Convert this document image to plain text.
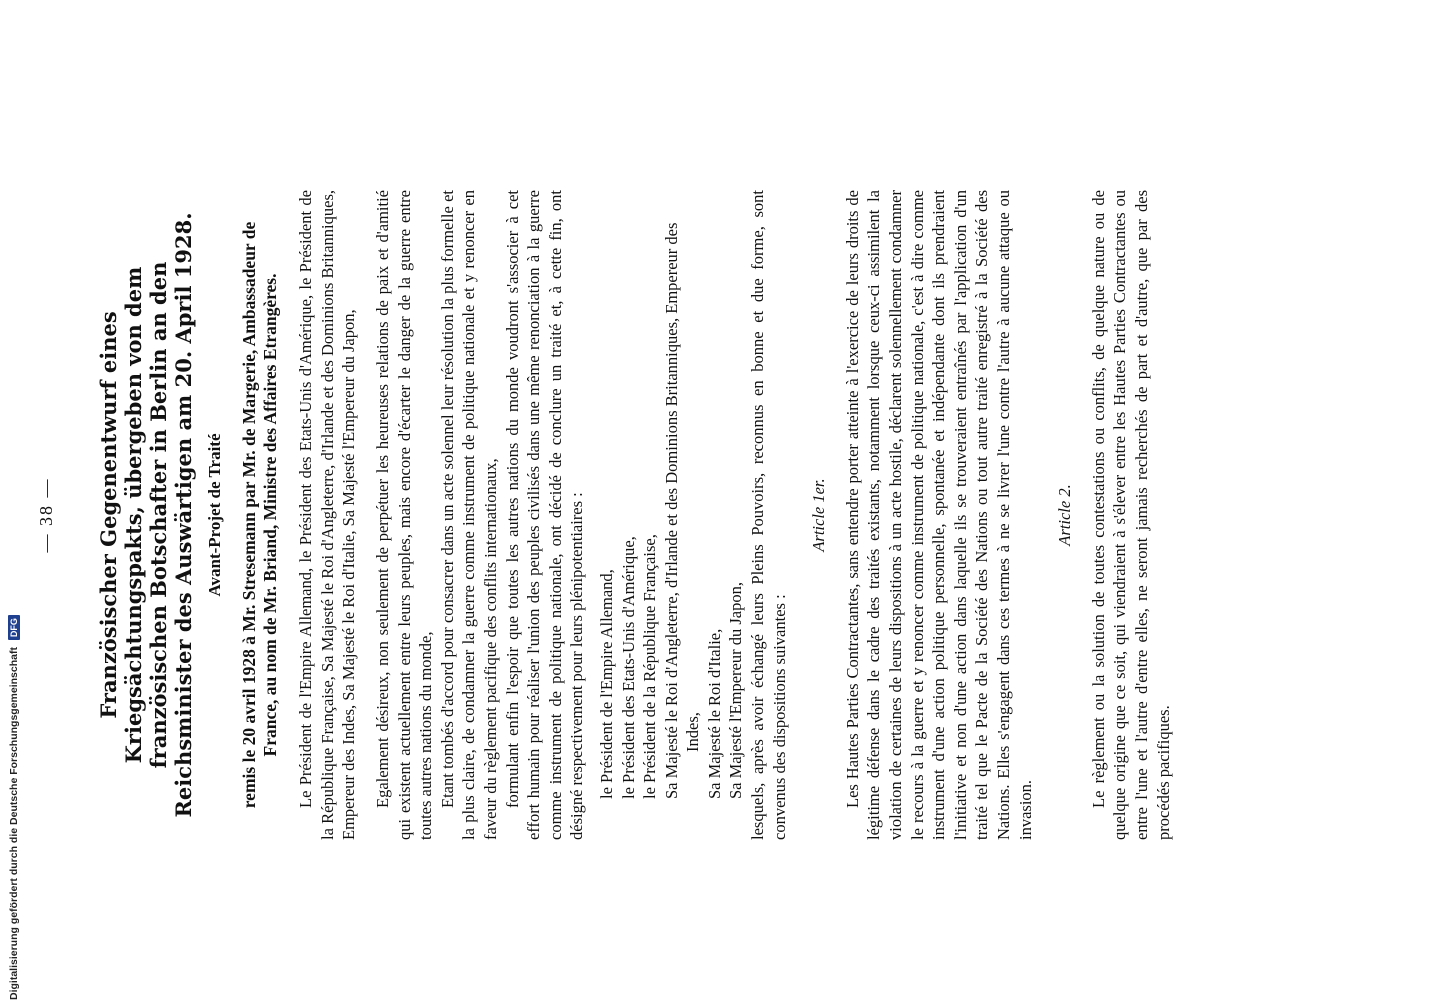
— 38 — Französischer Gegenentwurf eines Kriegsächtungspakts, übergeben von dem französischen Botschafter in Berlin an den Reichsminister des Auswärtigen am 20. April 1928. Avant-Projet de Traité remis le 20 avril 1928 à Mr. Stresemann par Mr. de Margerie, Ambassadeur de France, au nom de Mr. Briand, Ministre des Affaires Etrangères. Le Président de l'Empire Allemand, le Président des Etats-Unis d'Amérique, le Président de la République Française, Sa Majesté le Roi d'Angleterre, d'Irlande et des Dominions Britanniques, Empereur des Indes, Sa Majesté le Roi d'Italie, Sa Majesté l'Empereur du Japon, Egalement désireux, non seulement de perpétuer les heureuses relations de paix et d'amitié qui existent actuellement entre leurs peuples, mais encore d'écarter le danger de la guerre entre toutes autres nations du monde, Etant tombés d'accord pour consacrer dans un acte solennel leur résolution la plus formelle et la plus claire, de condamner la guerre comme instrument de politique nationale et y renoncer en faveur du règlement pacifique des conflits internationaux, formulant enfin l'espoir que toutes les autres nations du monde voudront s'associer à cet effort humain pour réaliser l'union des peuples civilisés dans une même renonciation à la guerre comme instrument de politique nationale, ont décidé de conclure un traité et, à cette fin, ont désigné respectivement pour leurs plénipotentiaires : le Président de l'Empire Allemand, le Président des Etats-Unis d'Amérique, le Président de la République Française, Sa Majesté le Roi d'Angleterre, d'Irlande et des Dominions Britanniques, Empereur des Indes, Sa Majesté le Roi d'Italie, Sa Majesté l'Empereur du Japon, lesquels, après avoir échangé leurs Pleins Pouvoirs, reconnus en bonne et due forme, sont convenus des dispositions suivantes :

Article 1er. Les Hautes Parties Contractantes, sans entendre porter atteinte à l'exercice de leurs droits de légitime défense dans le cadre des traités existants, notamment lorsque ceux-ci assimilent la violation de certaines de leurs dispositions à un acte hostile, déclarent solennellement condamner le recours à la guerre et y renoncer comme instrument de politique nationale, c'est à dire comme instrument d'une action politique personnelle, spontanée et indépendante dont ils prendraient l'initiative et non d'une action dans laquelle ils se trouveraient entraînés par l'application d'un traité tel que le Pacte de la Société des Nations ou tout autre traité enregistré à la Société des Nations. Elles s'engagent dans ces termes à ne se livrer l'une contre l'autre à aucune attaque ou invasion.

Article 2. Le règlement ou la solution de toutes contestations ou conflits, de quelque nature ou de quelque origine que ce soit, qui viendraient à s'élever entre les Hautes Parties Contractantes ou entre l'une et l'autre d'entre elles, ne seront jamais recherchés de part et d'autre, que par des procédés pacifiques.

Digitalisierung gefördert durch die Deutsche Forschungsgemeinschaft DFG
